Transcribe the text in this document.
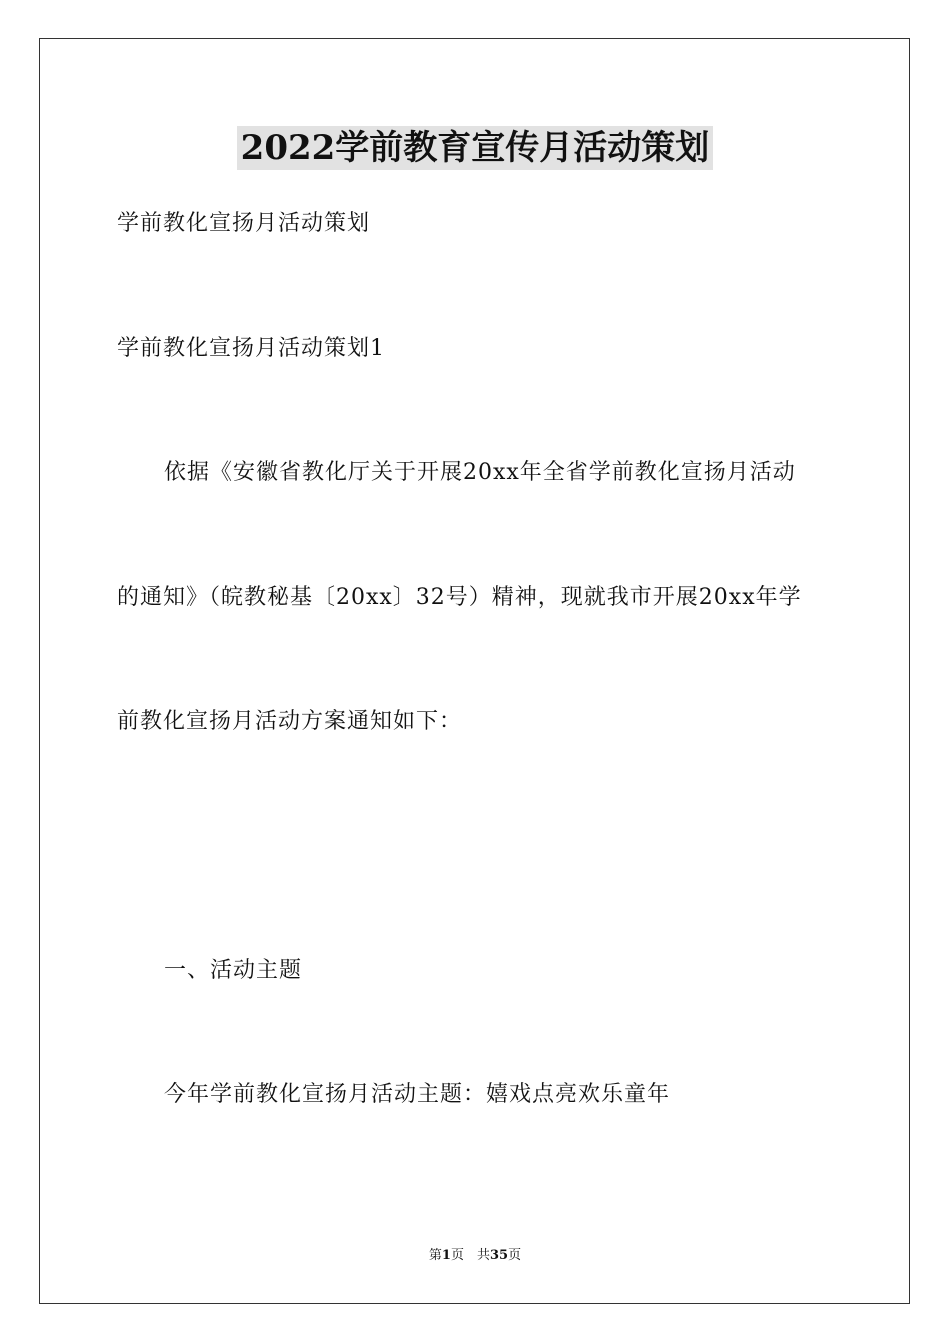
2022学前教育宣传月活动策划
学前教化宣扬月活动策划
学前教化宣扬月活动策划1
依据《安徽省教化厅关于开展20xx年全省学前教化宣扬月活动
的通知》（皖教秘基〔20xx〕32号）精神，现就我市开展20xx年学
前教化宣扬月活动方案通知如下：
一、活动主题
今年学前教化宣扬月活动主题：嬉戏点亮欢乐童年
第1页　共35页
